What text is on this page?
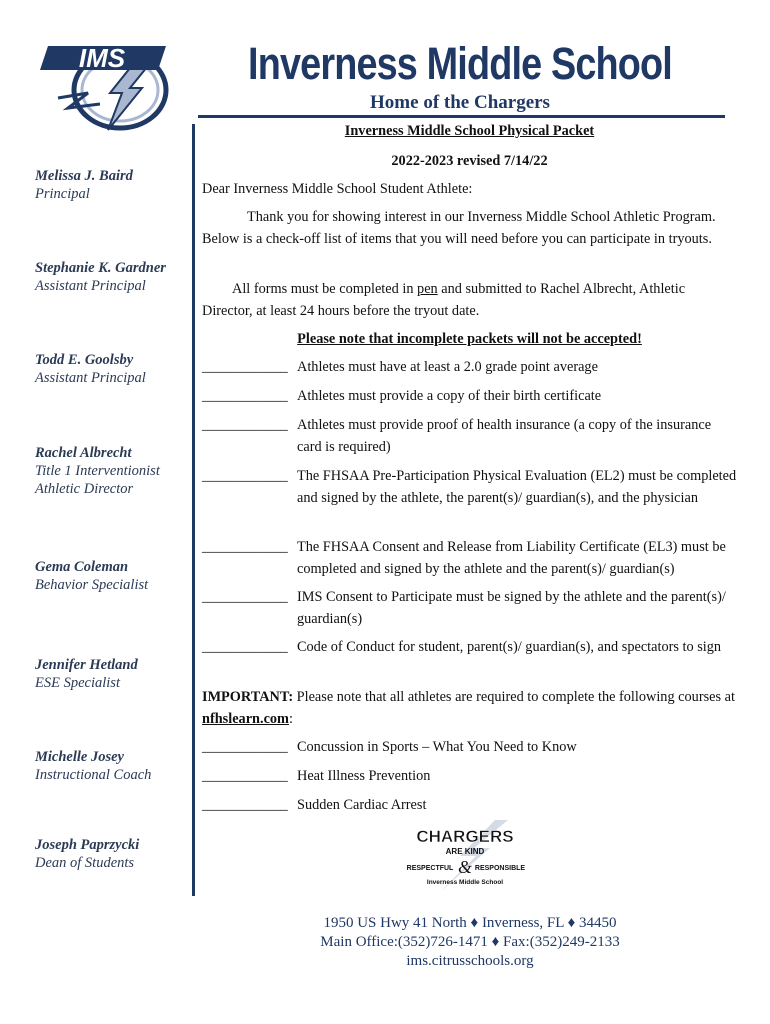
IMS	Inverness Middle School
Home of the Chargers
Melissa J. Baird
Principal
Stephanie K. Gardner
Assistant Principal
Todd E. Goolsby
Assistant Principal
Rachel Albrecht
Title 1 Interventionist
Athletic Director
Gema Coleman
Behavior Specialist
Jennifer Hetland
ESE Specialist
Michelle Josey
Instructional Coach
Joseph Paprzycki
Dean of Students
Inverness Middle School Physical Packet
2022-2023 revised 7/14/22
Dear Inverness Middle School Student Athlete:
Thank you for showing interest in our Inverness Middle School Athletic Program. Below is a check-off list of items that you will need before you can participate in tryouts.
All forms must be completed in pen and submitted to Rachel Albrecht, Athletic Director, at least 24 hours before the tryout date.
Please note that incomplete packets will not be accepted!
____________ Athletes must have at least a 2.0 grade point average
____________ Athletes must provide a copy of their birth certificate
____________ Athletes must provide proof of health insurance (a copy of the insurance card is required)
____________ The FHSAA Pre-Participation Physical Evaluation (EL2) must be completed and signed by the athlete, the parent(s)/ guardian(s), and the physician
____________ The FHSAA Consent and Release from Liability Certificate (EL3) must be completed and signed by the athlete and the parent(s)/ guardian(s)
____________ IMS Consent to Participate must be signed by the athlete and the parent(s)/ guardian(s)
____________ Code of Conduct for student, parent(s)/ guardian(s), and spectators to sign
IMPORTANT: Please note that all athletes are required to complete the following courses at nfhslearn.com:
____________ Concussion in Sports – What You Need to Know
____________ Heat Illness Prevention
____________ Sudden Cardiac Arrest
CHARGERS
ARE KIND
RESPECTFUL & RESPONSIBLE
Inverness Middle School
1950 US Hwy 41 North ♦ Inverness, FL ♦ 34450
Main Office:(352)726-1471 ♦ Fax:(352)249-2133
ims.citrusschools.org
